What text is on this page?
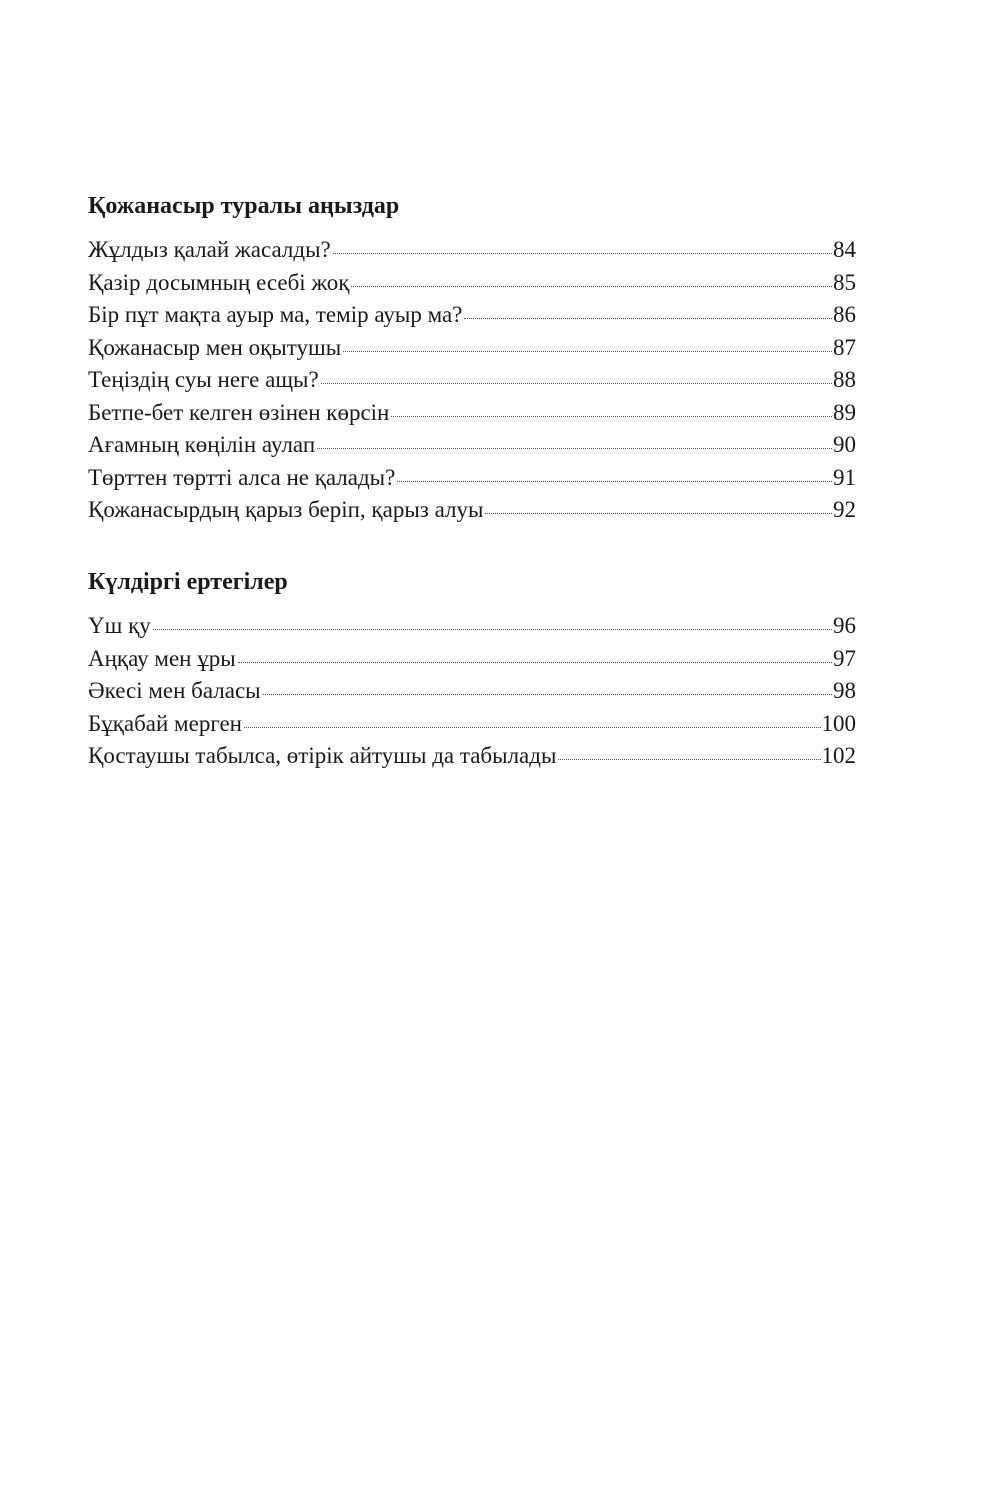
Қожанасыр туралы аңыздар
Жұлдыз қалай жасалды?	84
Қазір досымның есебі жоқ	85
Бір пұт мақта ауыр ма, темір ауыр ма?	86
Қожанасыр мен оқытушы	87
Теңіздің суы неге ащы?	88
Бетпе-бет келген өзінен көрсін	89
Ағамның көңілін аулап	90
Төрттен төртті алса не қалады?	91
Қожанасырдың қарыз беріп, қарыз алуы	92
Күлдіргі ертегілер
Үш қу	96
Аңқау мен ұры	97
Әкесі мен баласы	98
Бұқабай мерген	100
Қостаушы табылса, өтірік айтушы да табылады	102
